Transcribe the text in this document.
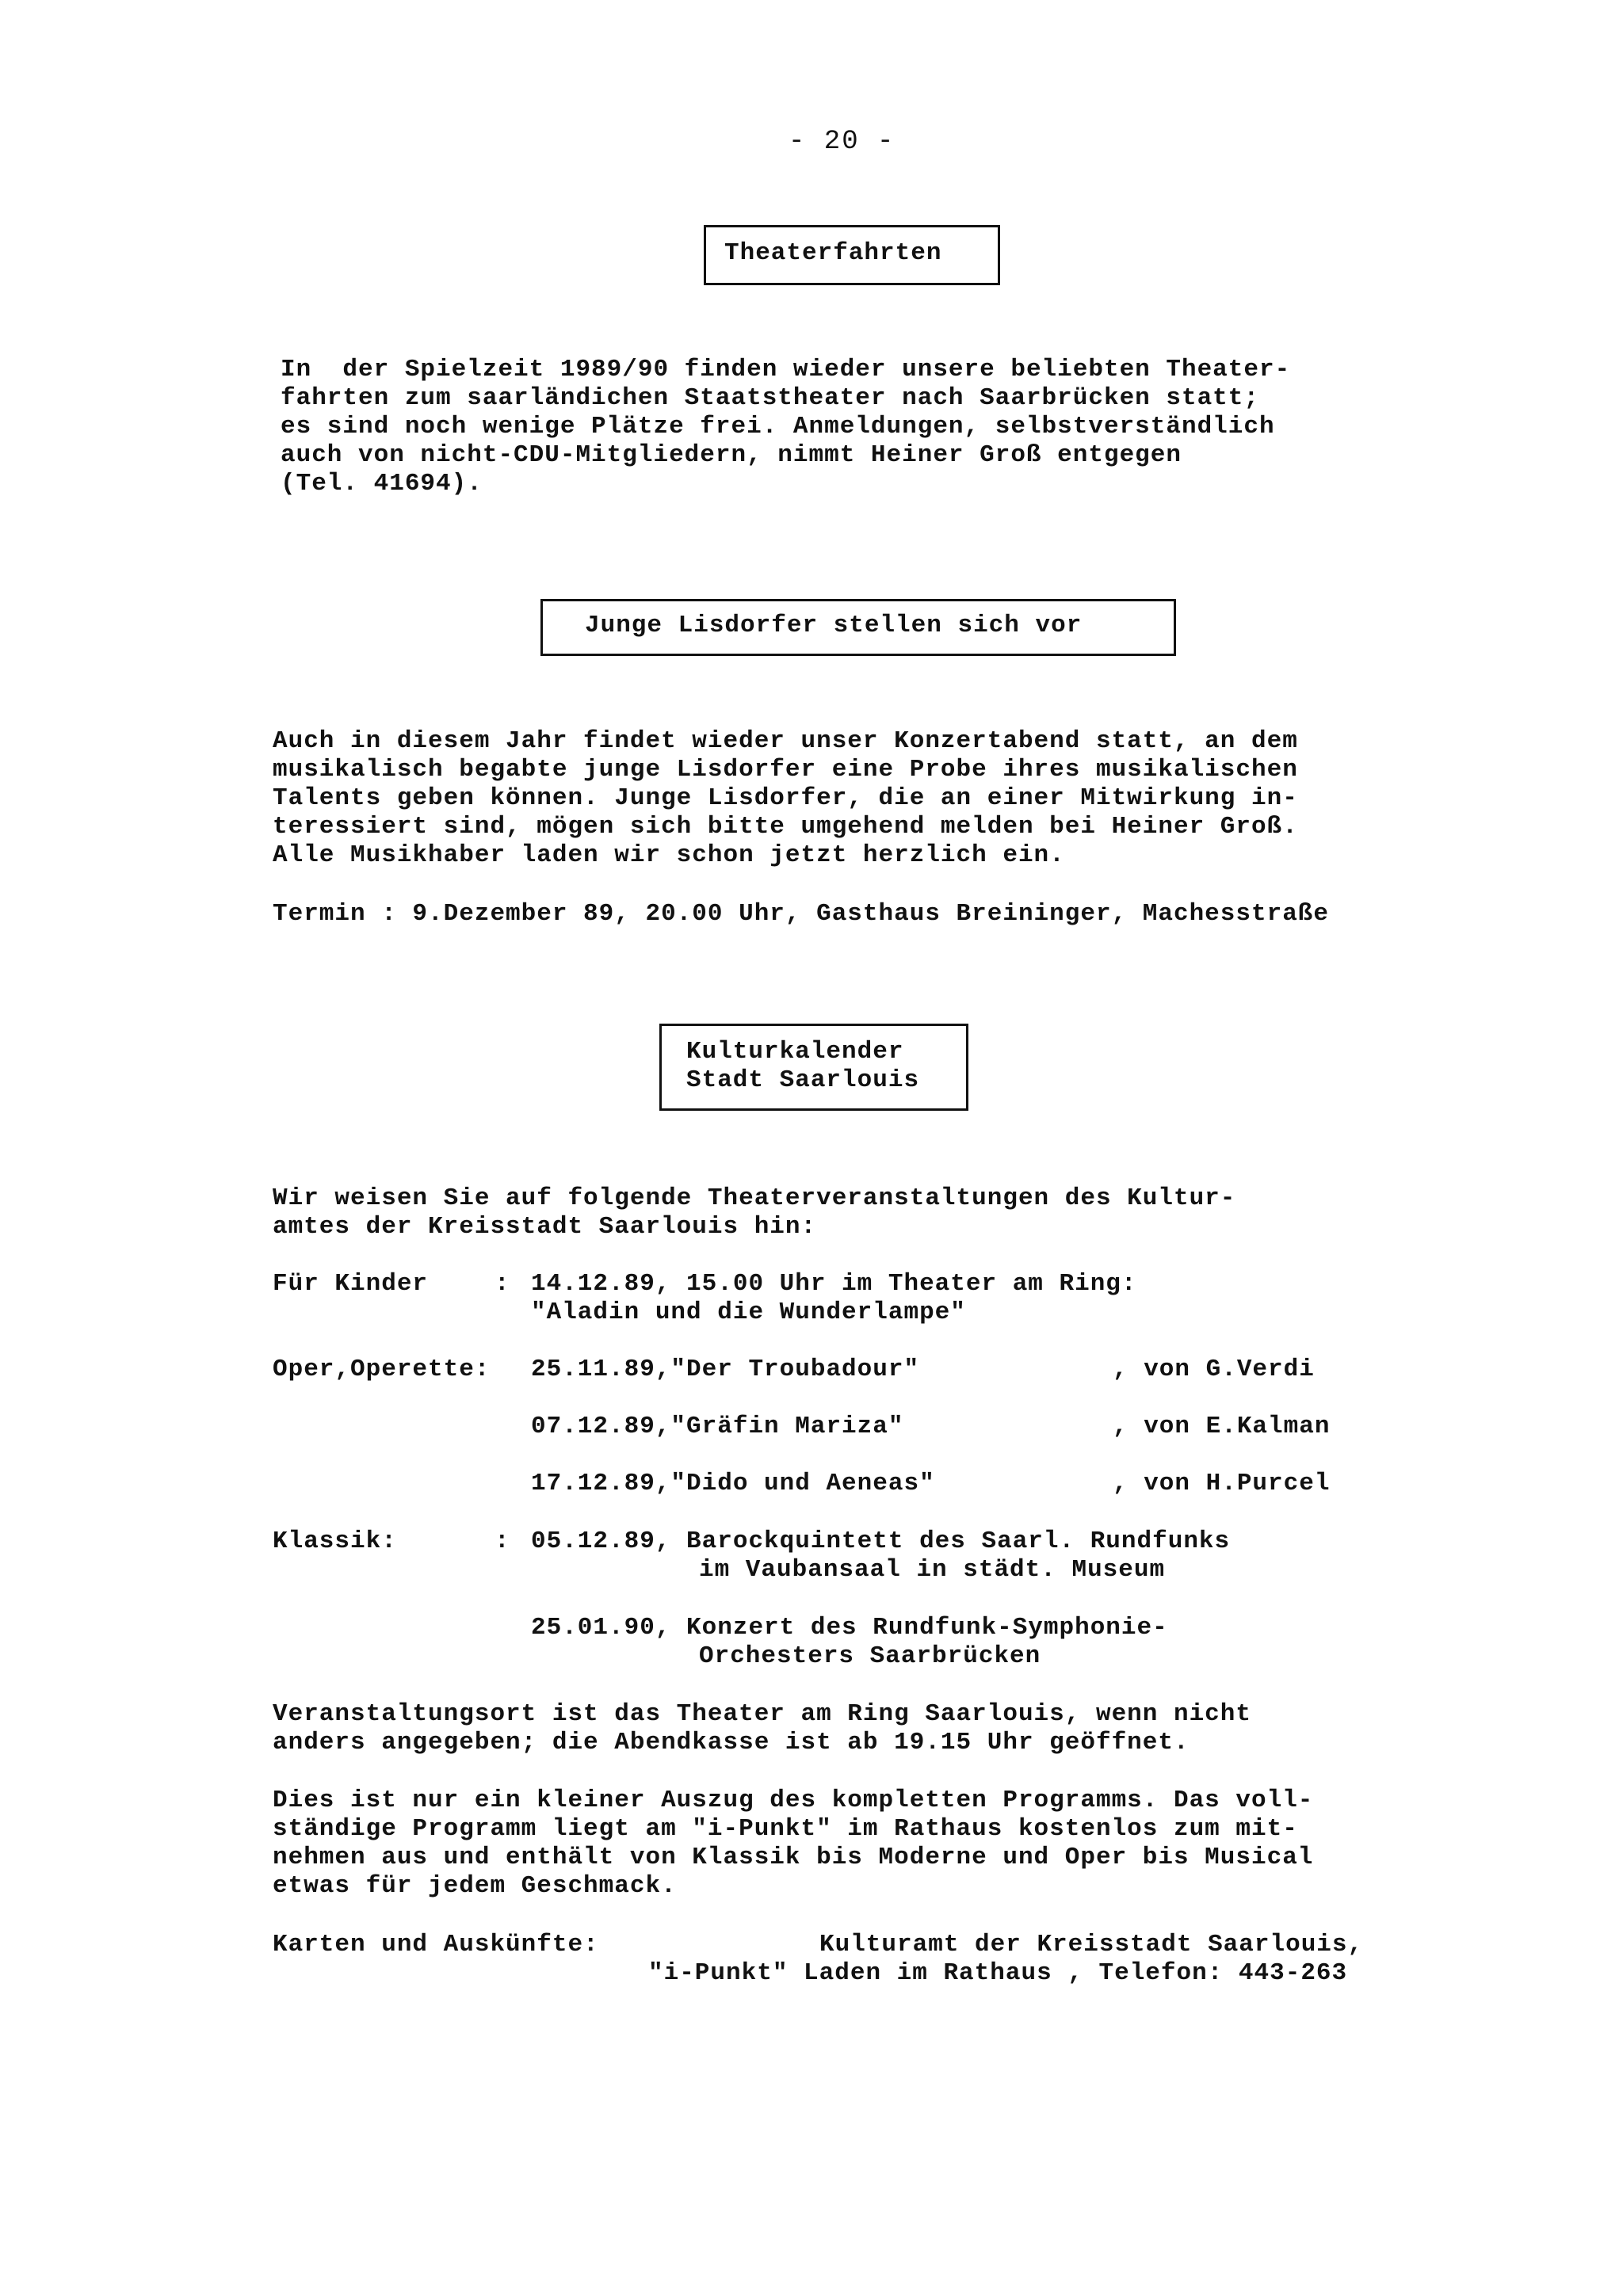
- 20 -
Theaterfahrten
In  der Spielzeit 1989/90 finden wieder unsere beliebten Theater-
fahrten zum saarländichen Staatstheater nach Saarbrücken statt;
es sind noch wenige Plätze frei. Anmeldungen, selbstverständlich
auch von nicht-CDU-Mitgliedern, nimmt Heiner Groß entgegen
(Tel. 41694).
Junge Lisdorfer stellen sich vor
Auch in diesem Jahr findet wieder unser Konzertabend statt, an dem
musikalisch begabte junge Lisdorfer eine Probe ihres musikalischen
Talents geben können. Junge Lisdorfer, die an einer Mitwirkung in-
teressiert sind, mögen sich bitte umgehend melden bei Heiner Groß.
Alle Musikhaber laden wir schon jetzt herzlich ein.
Termin : 9.Dezember 89, 20.00 Uhr, Gasthaus Breininger, Machesstraße
Kulturkalender
Stadt Saarlouis
Wir weisen Sie auf folgende Theaterveranstaltungen des Kultur-
amtes der Kreisstadt Saarlouis hin:
Für Kinder	: 14.12.89, 15.00 Uhr im Theater am Ring:
"Aladin und die Wunderlampe"
Oper,Operette: 25.11.89,"Der Troubadour"	, von G.Verdi
07.12.89,"Gräfin Mariza"	, von E.Kalman
17.12.89,"Dido und Aeneas"	, von H.Purcel
Klassik:	: 05.12.89, Barockquintett des Saarl. Rundfunks
im Vaubansaal in städt. Museum
25.01.90, Konzert des Rundfunk-Symphonie-
Orchesters Saarbrücken
Veranstaltungsort ist das Theater am Ring Saarlouis, wenn nicht
anders angegeben; die Abendkasse ist ab 19.15 Uhr geöffnet.
Dies ist nur ein kleiner Auszug des kompletten Programms. Das voll-
ständige Programm liegt am "i-Punkt" im Rathaus kostenlos zum mit-
nehmen aus und enthält von Klassik bis Moderne und Oper bis Musical
etwas für jedem Geschmack.
Karten und Auskünfte:	Kulturamt der Kreisstadt Saarlouis,
"i-Punkt" Laden im Rathaus , Telefon: 443-263
